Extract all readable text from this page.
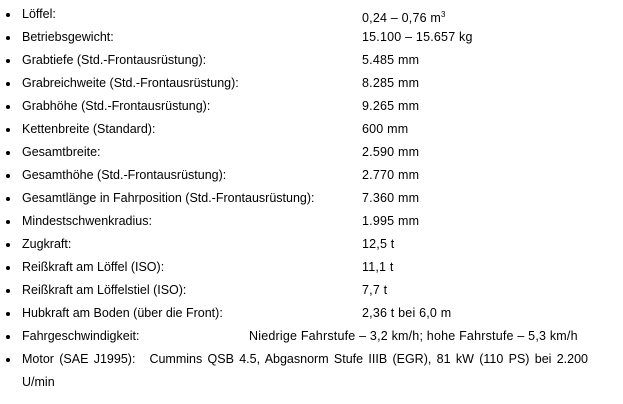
Löffel:	0,24 – 0,76 $m^3$
Betriebsgewicht:	15.100 – 15.657 kg
Grabtiefe (Std.-Frontausrüstung):	5.485 mm
Grabreichweite (Std.-Frontausrüstung):	8.285 mm
Grabhöhe (Std.-Frontausrüstung):	9.265 mm
Kettenbreite (Standard):	600 mm
Gesamtbreite:	2.590 mm
Gesamthöhe (Std.-Frontausrüstung):	2.770 mm
Gesamtlänge in Fahrposition (Std.-Frontausrüstung):	7.360 mm
Mindestschwenkradius:	1.995 mm
Zugkraft:	12,5 t
Reißkraft am Löffel (ISO):	11,1 t
Reißkraft am Löffelstiel (ISO):	7,7 t
Hubkraft am Boden (über die Front):	2,36 t bei 6,0 m
Fahrgeschwindigkeit:	Niedrige Fahrstufe – 3,2 km/h; hohe Fahrstufe – 5,3 km/h
Motor (SAE J1995): Cummins QSB 4.5, Abgasnorm Stufe IIIB (EGR), 81 kW (110 PS) bei 2.200 U/min
